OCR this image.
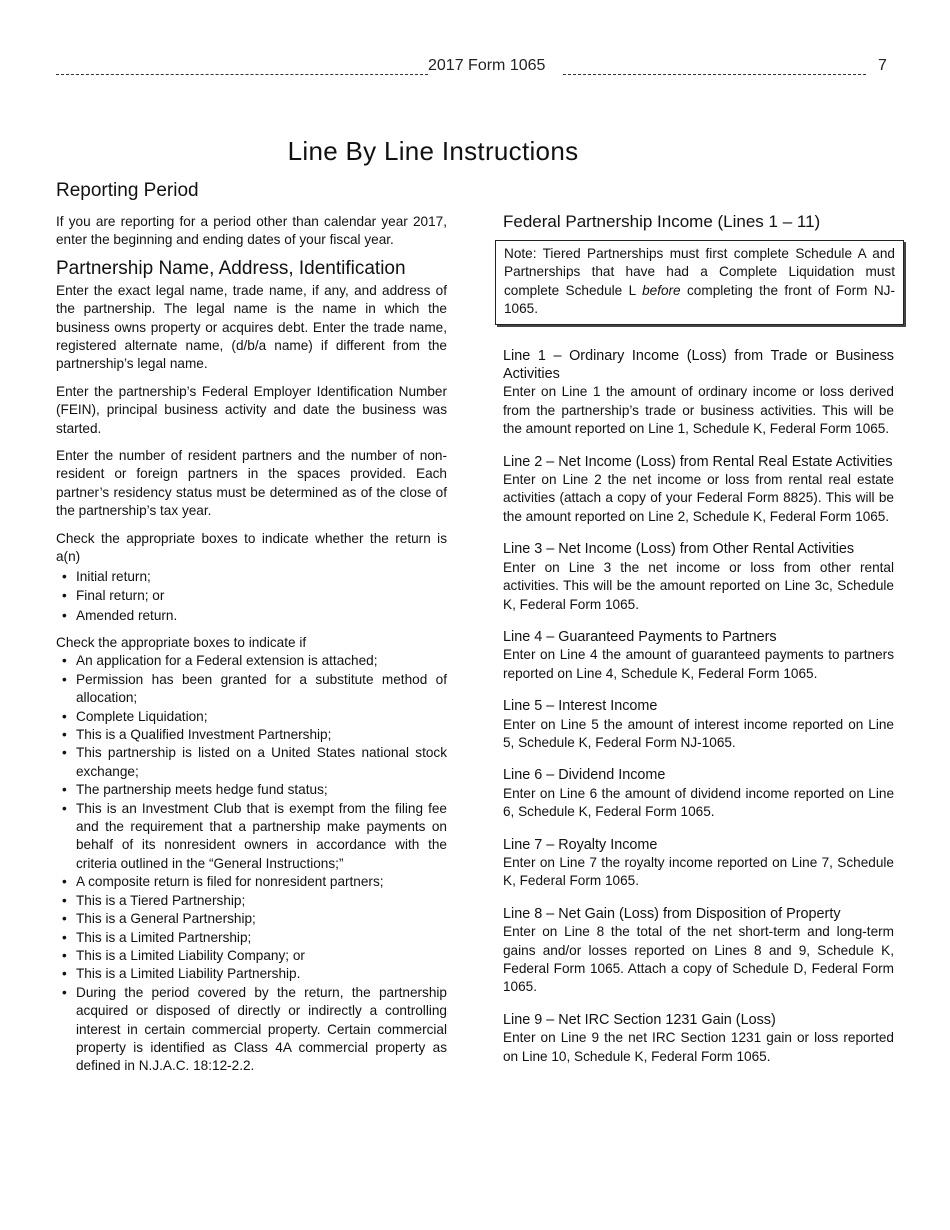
2017 Form 1065	7
Line By Line Instructions
Reporting Period

If you are reporting for a period other than calendar year 2017, enter the beginning and ending dates of your fiscal year.

Partnership Name, Address, Identification

Enter the exact legal name, trade name, if any, and address of the partnership. The legal name is the name in which the business owns property or acquires debt. Enter the trade name, registered alternate name, (d/b/a name) if different from the partnership’s legal name.

Enter the partnership’s Federal Employer Identification Number (FEIN), principal business activity and date the business was started.

Enter the number of resident partners and the number of non-resident or foreign partners in the spaces provided. Each partner’s residency status must be determined as of the close of the partnership’s tax year.

Check the appropriate boxes to indicate whether the return is a(n)

• Initial return;
• Final return; or
• Amended return.

Check the appropriate boxes to indicate if

• An application for a Federal extension is attached;
• Permission has been granted for a substitute method of allocation;
• Complete Liquidation;
• This is a Qualified Investment Partnership;
• This partnership is listed on a United States national stock exchange;
• The partnership meets hedge fund status;
• This is an Investment Club that is exempt from the filing fee and the requirement that a partnership make payments on behalf of its nonresident owners in accordance with the criteria outlined in the “General Instructions;”
• A composite return is filed for nonresident partners;
• This is a Tiered Partnership;
• This is a General Partnership;
• This is a Limited Partnership;
• This is a Limited Liability Company; or
• This is a Limited Liability Partnership.
• During the period covered by the return, the partnership acquired or disposed of directly or indirectly a controlling interest in certain commercial property. Certain commercial property is identified as Class 4A commercial property as defined in N.J.A.C. 18:12-2.2.
Federal Partnership Income (Lines 1 – 11)

Note: Tiered Partnerships must first complete Schedule A and Partnerships that have had a Complete Liquidation must complete Schedule L before completing the front of Form NJ-1065.

Line 1 – Ordinary Income (Loss) from Trade or Business Activities

Enter on Line 1 the amount of ordinary income or loss derived from the partnership’s trade or business activities. This will be the amount reported on Line 1, Schedule K, Federal Form 1065.

Line 2 – Net Income (Loss) from Rental Real Estate Activities

Enter on Line 2 the net income or loss from rental real estate activities (attach a copy of your Federal Form 8825). This will be the amount reported on Line 2, Schedule K, Federal Form 1065.

Line 3 – Net Income (Loss) from Other Rental Activities

Enter on Line 3 the net income or loss from other rental activities. This will be the amount reported on Line 3c, Schedule K, Federal Form 1065.

Line 4 – Guaranteed Payments to Partners

Enter on Line 4 the amount of guaranteed payments to partners reported on Line 4, Schedule K, Federal Form 1065.

Line 5 – Interest Income

Enter on Line 5 the amount of interest income reported on Line 5, Schedule K, Federal Form NJ-1065.

Line 6 – Dividend Income

Enter on Line 6 the amount of dividend income reported on Line 6, Schedule K, Federal Form 1065.

Line 7 – Royalty Income

Enter on Line 7 the royalty income reported on Line 7, Schedule K, Federal Form 1065.

Line 8 – Net Gain (Loss) from Disposition of Property

Enter on Line 8 the total of the net short-term and long-term gains and/or losses reported on Lines 8 and 9, Schedule K, Federal Form 1065. Attach a copy of Schedule D, Federal Form 1065.

Line 9 – Net IRC Section 1231 Gain (Loss)

Enter on Line 9 the net IRC Section 1231 gain or loss reported on Line 10, Schedule K, Federal Form 1065.
